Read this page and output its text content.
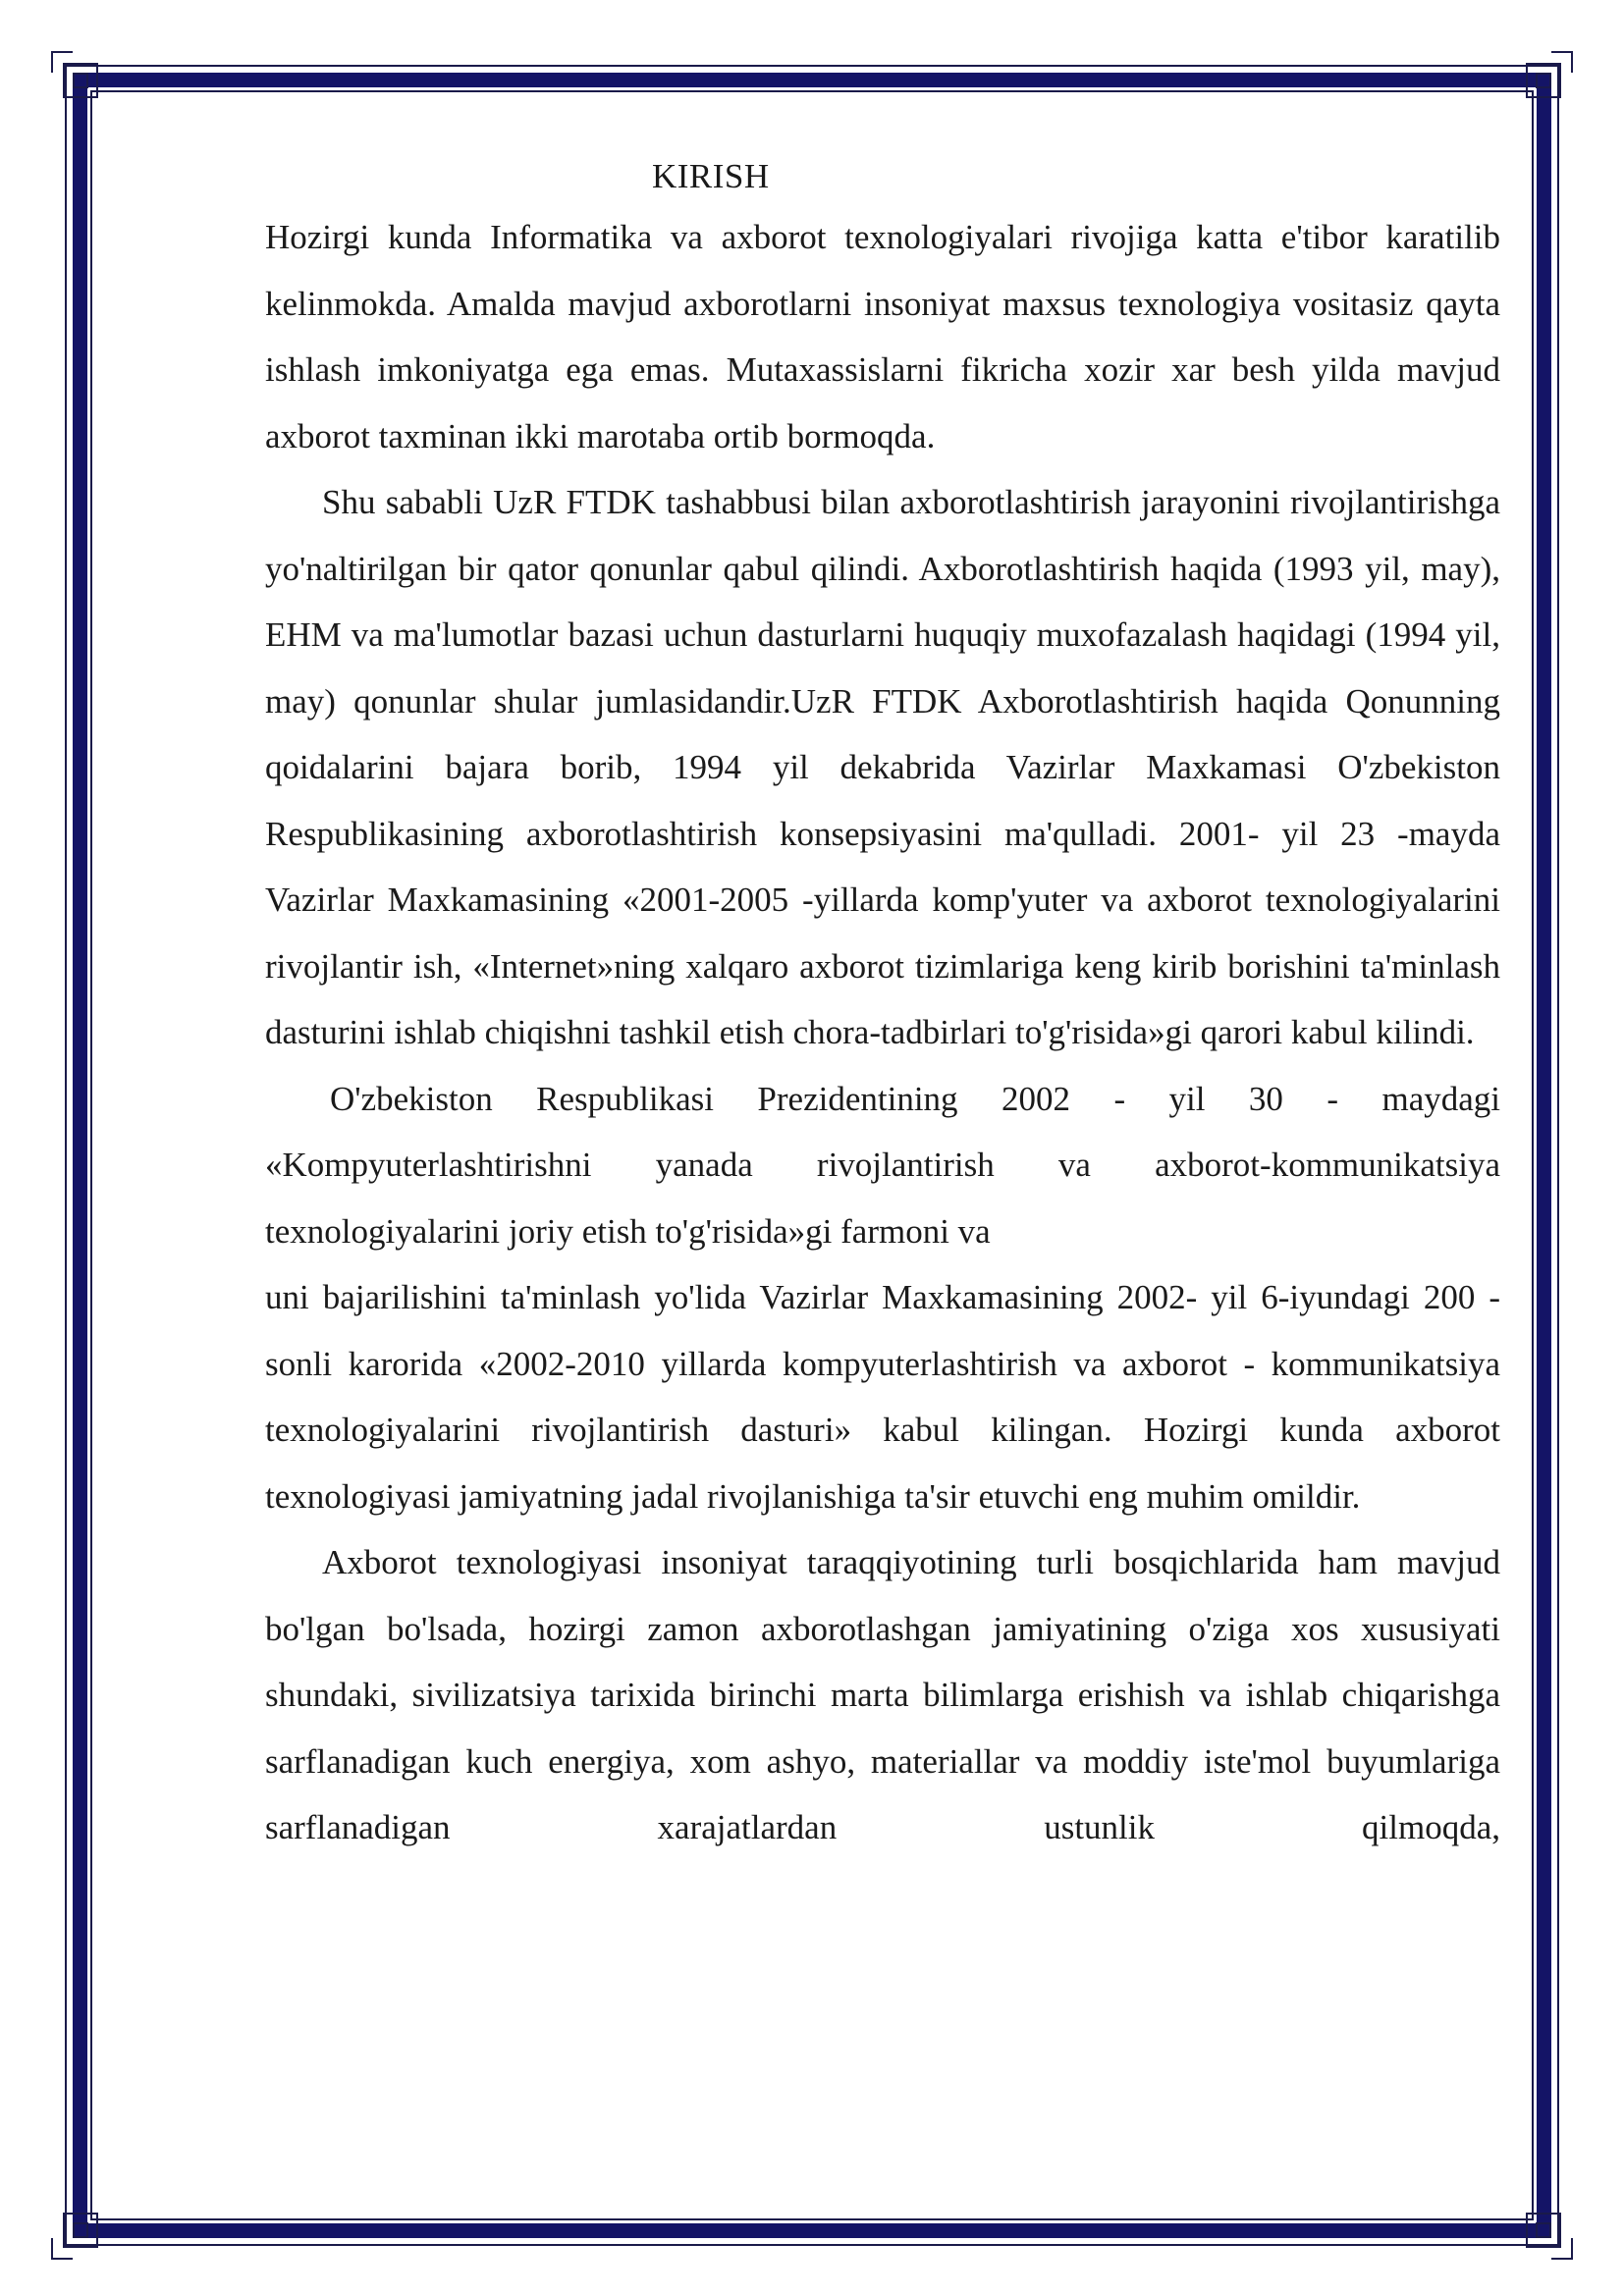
KIRISH

Hozirgi kunda Informatika va axborot texnologiyalari rivojiga katta e'tibor karatilib kelinmokda. Amalda mavjud axborotlarni insoniyat maxsus texnologiya vositasiz qayta ishlash imkoniyatga ega emas. Mutaxassislarni fikricha xozir xar besh yilda mavjud axborot taxminan ikki marotaba ortib bormoqda.

Shu sababli UzR FTDK tashabbusi bilan axborotlashtirish jarayonini rivojlantirishga yo'naltirilgan bir qator qonunlar qabul qilindi. Axborotlashtirish haqida (1993 yil, may), EHM va ma'lumotlar bazasi uchun dasturlarni huquqiy muxofazalash haqidagi (1994 yil, may) qonunlar shular jumlasidandir.UzR FTDK Axborotlashtirish haqida Qonunning qoidalarini bajara borib, 1994 yil dekabrida Vazirlar Maxkamasi O'zbekiston Respublikasining axborotlashtirish konsepsiyasini ma'qulladi. 2001- yil 23 -mayda Vazirlar Maxkamasining «2001-2005 -yillarda komp'yuter va axborot texnologiyalarini rivojlantir ish, «Internet»ning xalqaro axborot tizimlariga keng kirib borishini ta'minlash dasturini ishlab chiqishni tashkil etish chora-tadbirlari to'g'risida»gi qarori kabul kilindi.

O'zbekiston Respublikasi Prezidentining 2002 - yil 30 - maydagi «Kompyuterlashtirishni yanada rivojlantirish va axborot-kommunikatsiya texnologiyalarini joriy etish to'g'risida»gi farmoni va

uni bajarilishini ta'minlash yo'lida Vazirlar Maxkamasining 2002- yil 6-iyundagi 200 -sonli karorida «2002-2010 yillarda kompyuterlashtirish va axborot - kommunikatsiya texnologiyalarini rivojlantirish dasturi» kabul kilingan. Hozirgi kunda axborot texnologiyasi jamiyatning jadal rivojlanishiga ta'sir etuvchi eng muhim omildir.

Axborot texnologiyasi insoniyat taraqqiyotining turli bosqichlarida ham mavjud bo'lgan bo'lsada, hozirgi zamon axborotlashgan jamiyatining o'ziga xos xususiyati shundaki, sivilizatsiya tarixida birinchi marta bilimlarga erishish va ishlab chiqarishga sarflanadigan kuch energiya, xom ashyo, materiallar va moddiy iste'mol buyumlariga sarflanadigan xarajatlardan ustunlik qilmoqda,
